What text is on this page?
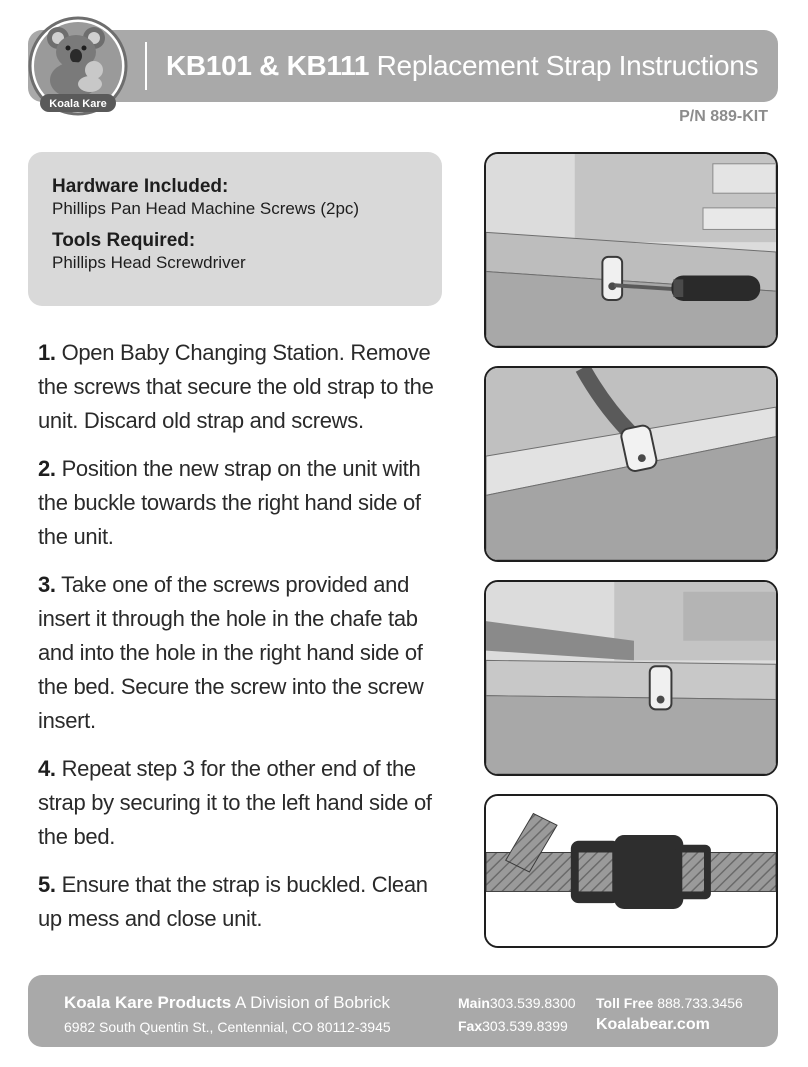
Koala Kare
KB101 & KB111 Replacement Strap Instructions
P/N 889-KIT
Hardware Included:
Phillips Pan Head Machine Screws (2pc)
Tools Required:
Phillips Head Screwdriver

1. Open Baby Changing Station. Remove the screws that secure the old strap to the unit. Discard old strap and screws.

2. Position the new strap on the unit with the buckle towards the right hand side of the unit.

3. Take one of the screws provided and insert it through the hole in the chafe tab and into the hole in the right hand side of the bed. Secure the screw into the screw insert.

4. Repeat step 3 for the other end of the strap by securing it to the left hand side of the bed.

5. Ensure that the strap is buckled. Clean up mess and close unit.

Koala Kare Products A Division of Bobrick
6982 South Quentin St., Centennial, CO 80112-3945
Main303.539.8300
Fax303.539.8399
Toll Free 888.733.3456
Koalabear.com
